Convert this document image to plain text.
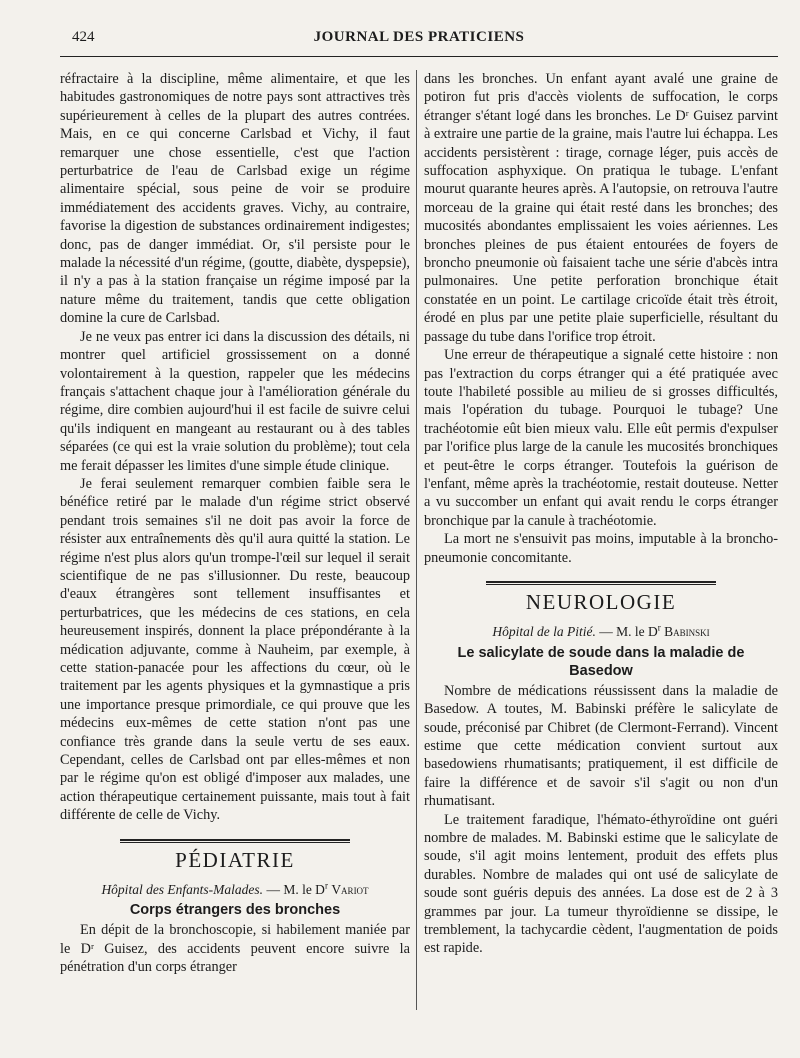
424	JOURNAL DES PRATICIENS

réfractaire à la discipline, même alimentaire, et que les habitudes gastronomiques de notre pays sont attractives très supérieurement à celles de la plupart des autres contrées. Mais, en ce qui concerne Carlsbad et Vichy, il faut remarquer une chose essentielle, c'est que l'action perturbatrice de l'eau de Carlsbad exige un régime alimentaire spécial, sous peine de voir se produire immédiatement des accidents graves. Vichy, au contraire, favorise la digestion de substances ordinairement indigestes; donc, pas de danger immédiat. Or, s'il persiste pour le malade la nécessité d'un régime, (goutte, diabète, dyspepsie), il n'y a pas à la station française un régime imposé par la nature même du traitement, tandis que cette obligation domine la cure de Carlsbad.

Je ne veux pas entrer ici dans la discussion des détails, ni montrer quel artificiel grossissement on a donné volontairement à la question, rappeler que les médecins français s'attachent chaque jour à l'amélioration générale du régime, dire combien aujourd'hui il est facile de suivre celui qu'ils indiquent en mangeant au restaurant ou à des tables séparées (ce qui est la vraie solution du problème); tout cela me ferait dépasser les limites d'une simple étude clinique.

Je ferai seulement remarquer combien faible sera le bénéfice retiré par le malade d'un régime strict observé pendant trois semaines s'il ne doit pas avoir la force de résister aux entraînements dès qu'il aura quitté la station. Le régime n'est plus alors qu'un trompe-l'œil sur lequel il serait scientifique de ne pas s'illusionner. Du reste, beaucoup d'eaux étrangères sont tellement insuffisantes et perturbatrices, que les médecins de ces stations, en cela heureusement inspirés, donnent la place prépondérante à la médication adjuvante, comme à Nauheim, par exemple, à cette station-panacée pour les affections du cœur, où le traitement par les agents physiques et la gymnastique a pris une importance presque primordiale, ce qui prouve que les médecins eux-mêmes de cette station n'ont pas une confiance très grande dans la seule vertu de ses eaux. Cependant, celles de Carlsbad ont par elles-mêmes et non par le régime qu'on est obligé d'imposer aux malades, une action thérapeutique certainement puissante, mais tout à fait différente de celle de Vichy.

PÉDIATRIE
Hôpital des Enfants-Malades. — M. le $D^r$ Variot
Corps étrangers des bronches

En dépit de la bronchoscopie, si habilement maniée par le Dʳ Guisez, des accidents peuvent encore suivre la pénétration d'un corps étranger

dans les bronches. Un enfant ayant avalé une graine de potiron fut pris d'accès violents de suffocation, le corps étranger s'étant logé dans les bronches. Le Dʳ Guisez parvint à extraire une partie de la graine, mais l'autre lui échappa. Les accidents persistèrent : tirage, cornage léger, puis accès de suffocation asphyxique. On pratiqua le tubage. L'enfant mourut quarante heures après. A l'autopsie, on retrouva l'autre morceau de la graine qui était resté dans les bronches; des mucosités abondantes emplissaient les voies aériennes. Les bronches pleines de pus étaient entourées de foyers de broncho pneumonie où faisaient tache une série d'abcès intra pulmonaires. Une petite perforation bronchique était constatée en un point. Le cartilage cricoïde était très étroit, érodé en plus par une petite plaie superficielle, résultant du passage du tube dans l'orifice trop étroit.

Une erreur de thérapeutique a signalé cette histoire : non pas l'extraction du corps étranger qui a été pratiquée avec toute l'habileté possible au milieu de si grosses difficultés, mais l'opération du tubage. Pourquoi le tubage? Une trachéotomie eût bien mieux valu. Elle eût permis d'expulser par l'orifice plus large de la canule les mucosités bronchiques et peut-être le corps étranger. Toutefois la guérison de l'enfant, même après la trachéotomie, restait douteuse. Netter a vu succomber un enfant qui avait rendu le corps étranger bronchique par la canule à trachéotomie.

La mort ne s'ensuivit pas moins, imputable à la broncho-pneumonie concomitante.

NEUROLOGIE
Hôpital de la Pitié. — M. le $D^r$ Babinski
Le salicylate de soude dans la maladie de Basedow

Nombre de médications réussissent dans la maladie de Basedow. A toutes, M. Babinski préfère le salicylate de soude, préconisé par Chibret (de Clermont-Ferrand). Vincent estime que cette médication convient surtout aux basedowiens rhumatisants; pratiquement, il est difficile de faire la différence et de savoir s'il s'agit ou non d'un rhumatisant.

Le traitement faradique, l'hémato-éthyroïdine ont guéri nombre de malades. M. Babinski estime que le salicylate de soude, s'il agit moins lentement, produit des effets plus durables. Nombre de malades qui ont usé de salicylate de soude sont guéris depuis des années. La dose est de 2 à 3 grammes par jour. La tumeur thyroïdienne se dissipe, le tremblement, la tachycardie cèdent, l'augmentation de poids est rapide.
